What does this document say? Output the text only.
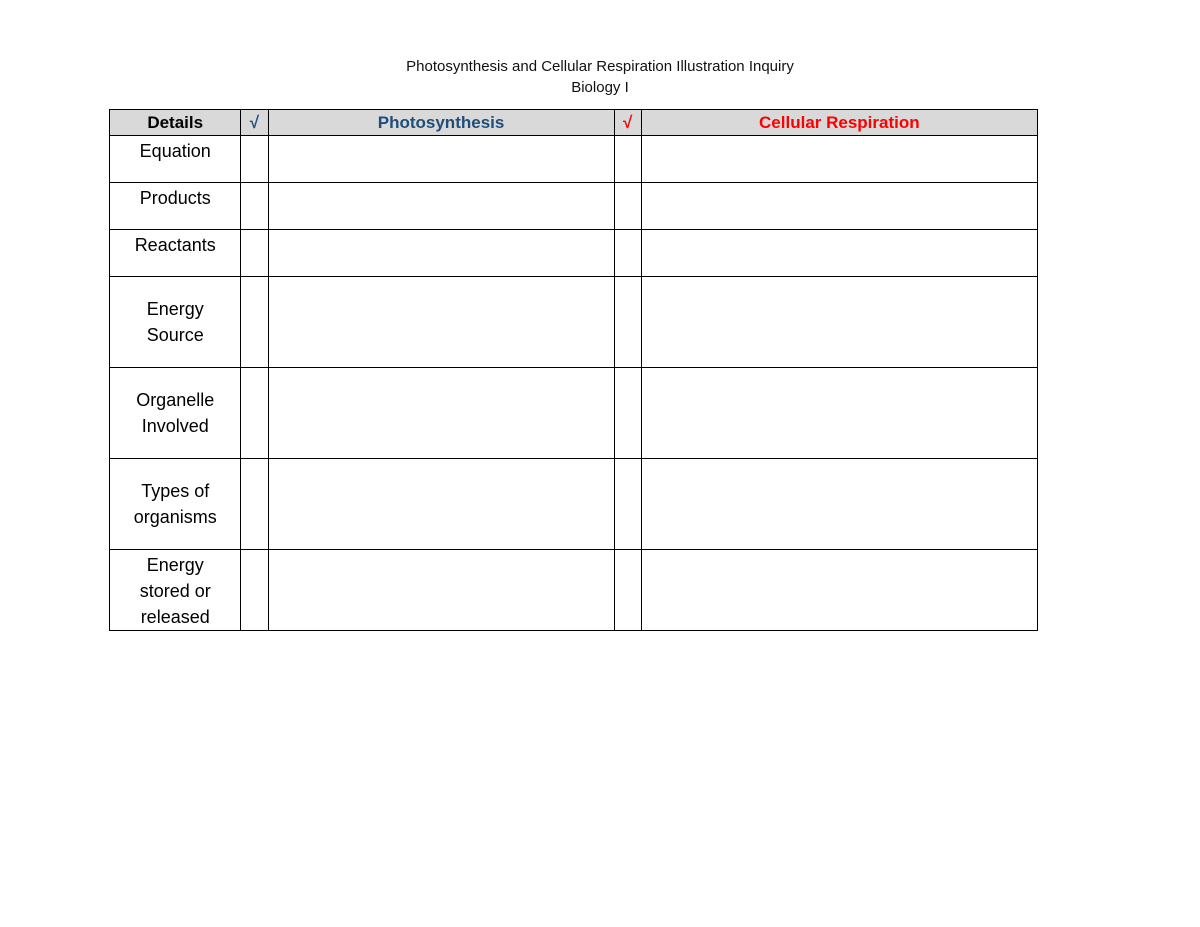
Photosynthesis and Cellular Respiration Illustration Inquiry
Biology I
Details	√	Photosynthesis	√	Cellular Respiration

Equation				

Products				

Reactants				

Energy
Source				

Organelle
Involved				

Types of
organisms				

Energy
stored or
released				
